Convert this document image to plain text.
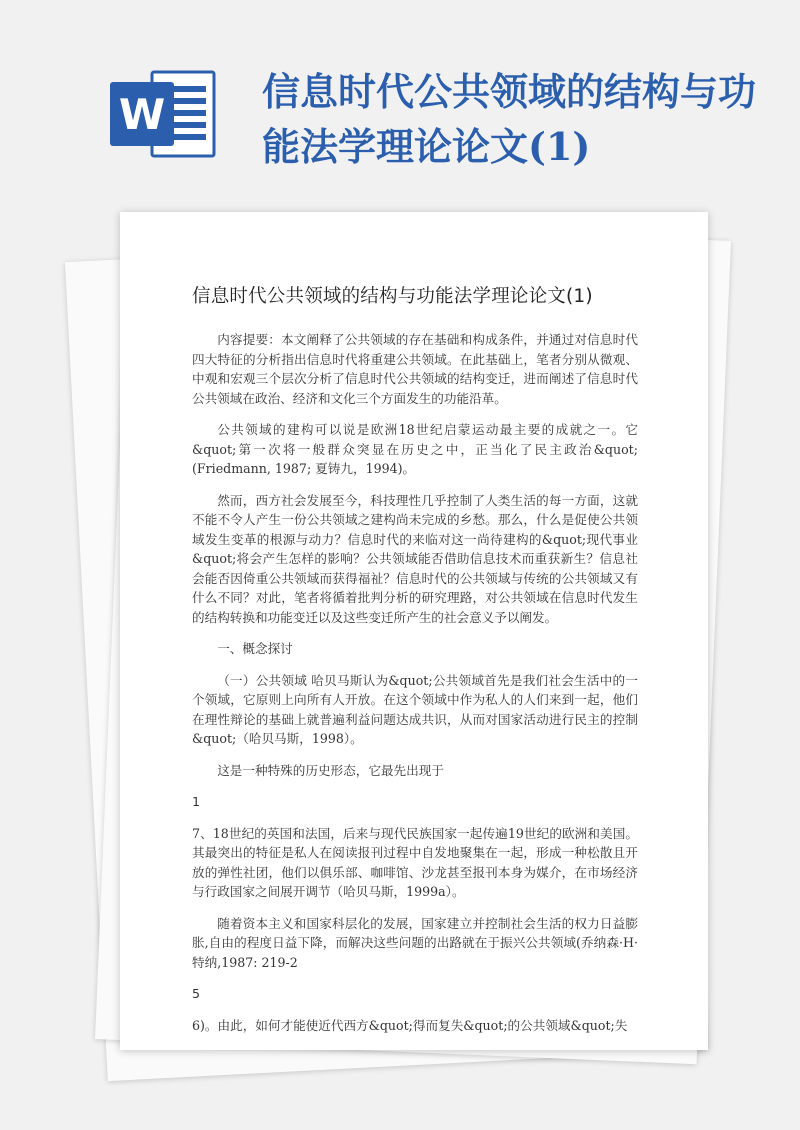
W	信息时代公共领域的结构与功能法学理论论文(1)
信息时代公共领域的结构与功能法学理论论文(1)

内容提要：本文阐释了公共领域的存在基础和构成条件，并通过对信息时代四大特征的分析指出信息时代将重建公共领域。在此基础上，笔者分别从微观、中观和宏观三个层次分析了信息时代公共领域的结构变迁，进而阐述了信息时代公共领域在政治、经济和文化三个方面发生的功能沿革。

公共领域的建构可以说是欧洲18世纪启蒙运动最主要的成就之一。它&quot;第一次将一般群众突显在历史之中，正当化了民主政治&quot;(Friedmann, 1987; 夏铸九，1994)。

然而，西方社会发展至今，科技理性几乎控制了人类生活的每一方面，这就不能不令人产生一份公共领域之建构尚未完成的乡愁。那么，什么是促使公共领域发生变革的根源与动力？信息时代的来临对这一尚待建构的&quot;现代事业&quot;将会产生怎样的影响？公共领域能否借助信息技术而重获新生？信息社会能否因倚重公共领域而获得福祉？信息时代的公共领域与传统的公共领域又有什么不同？对此，笔者将循着批判分析的研究理路，对公共领域在信息时代发生的结构转换和功能变迁以及这些变迁所产生的社会意义予以阐发。

一、概念探讨

（一）公共领域 哈贝马斯认为&quot;公共领域首先是我们社会生活中的一个领域，它原则上向所有人开放。在这个领域中作为私人的人们来到一起，他们在理性辩论的基础上就普遍利益问题达成共识，从而对国家活动进行民主的控制&quot;（哈贝马斯，1998）。

这是一种特殊的历史形态，它最先出现于

1

7、18世纪的英国和法国，后来与现代民族国家一起传遍19世纪的欧洲和美国。其最突出的特征是私人在阅读报刊过程中自发地聚集在一起，形成一种松散且开放的弹性社团，他们以俱乐部、咖啡馆、沙龙甚至报刊本身为媒介，在市场经济与行政国家之间展开调节（哈贝马斯，1999a）。

随着资本主义和国家科层化的发展，国家建立并控制社会生活的权力日益膨胀,自由的程度日益下降，而解决这些问题的出路就在于振兴公共领域(乔纳森·H·特纳,1987: 219-2

5

6)。由此，如何才能使近代西方&quot;得而复失&quot;的公共领域&quot;失
